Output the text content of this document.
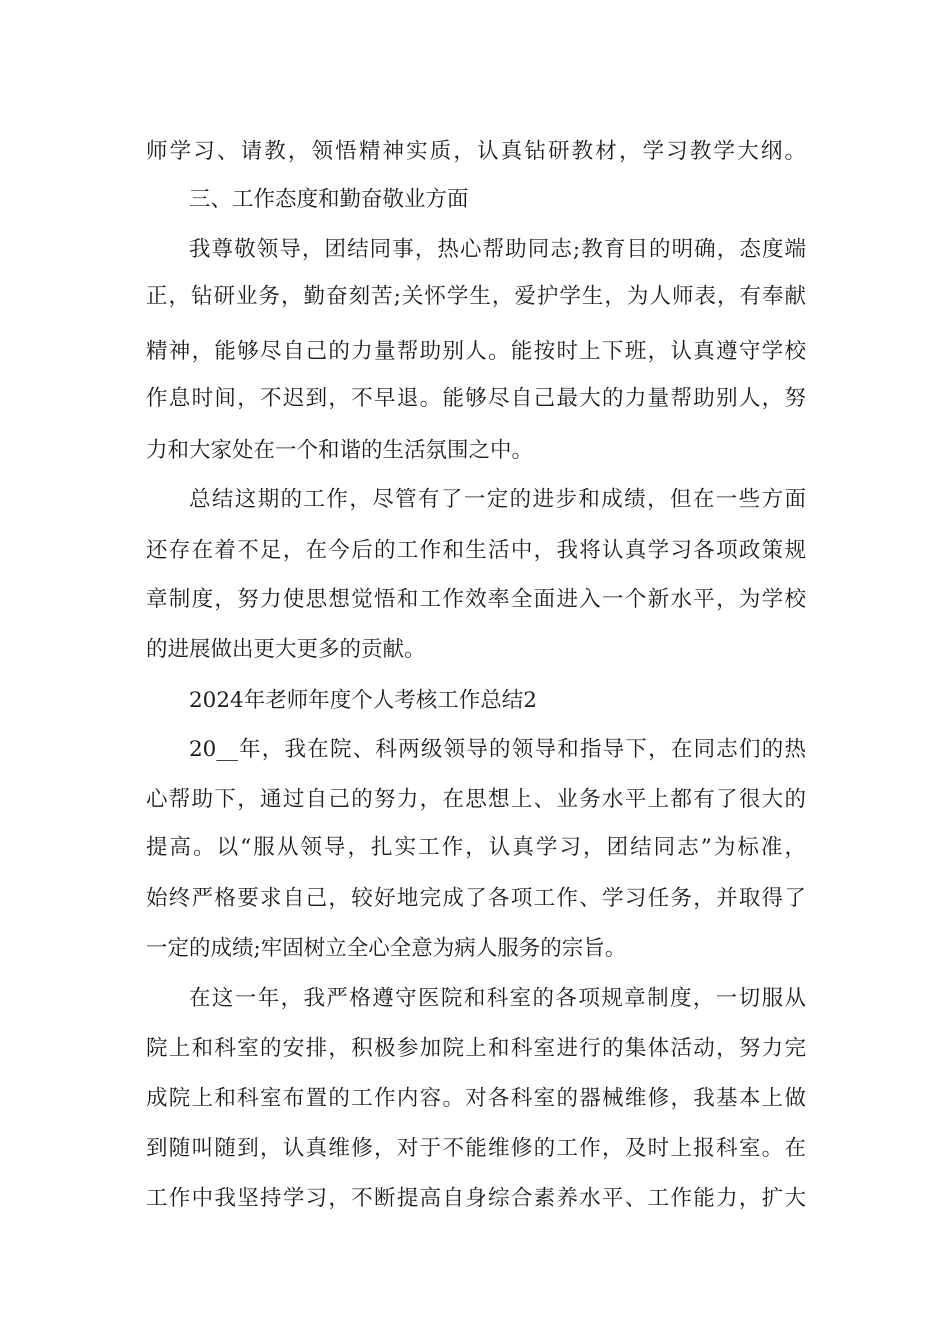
师学习、请教，领悟精神实质，认真钻研教材，学习教学大纲。
三、工作态度和勤奋敬业方面
我尊敬领导，团结同事，热心帮助同志;教育目的明确，态度端
正，钻研业务，勤奋刻苦;关怀学生，爱护学生，为人师表，有奉献
精神，能够尽自己的力量帮助别人。能按时上下班，认真遵守学校
作息时间，不迟到，不早退。能够尽自己最大的力量帮助别人，努
力和大家处在一个和谐的生活氛围之中。
总结这期的工作，尽管有了一定的进步和成绩，但在一些方面
还存在着不足，在今后的工作和生活中，我将认真学习各项政策规
章制度，努力使思想觉悟和工作效率全面进入一个新水平，为学校
的进展做出更大更多的贡献。
2024年老师年度个人考核工作总结2
20__年，我在院、科两级领导的领导和指导下，在同志们的热
心帮助下，通过自己的努力，在思想上、业务水平上都有了很大的
提高。以“服从领导，扎实工作，认真学习，团结同志”为标准，
始终严格要求自己，较好地完成了各项工作、学习任务，并取得了
一定的成绩;牢固树立全心全意为病人服务的宗旨。
在这一年，我严格遵守医院和科室的各项规章制度，一切服从
院上和科室的安排，积极参加院上和科室进行的集体活动，努力完
成院上和科室布置的工作内容。对各科室的器械维修，我基本上做
到随叫随到，认真维修，对于不能维修的工作，及时上报科室。在
工作中我坚持学习，不断提高自身综合素养水平、工作能力，扩大
